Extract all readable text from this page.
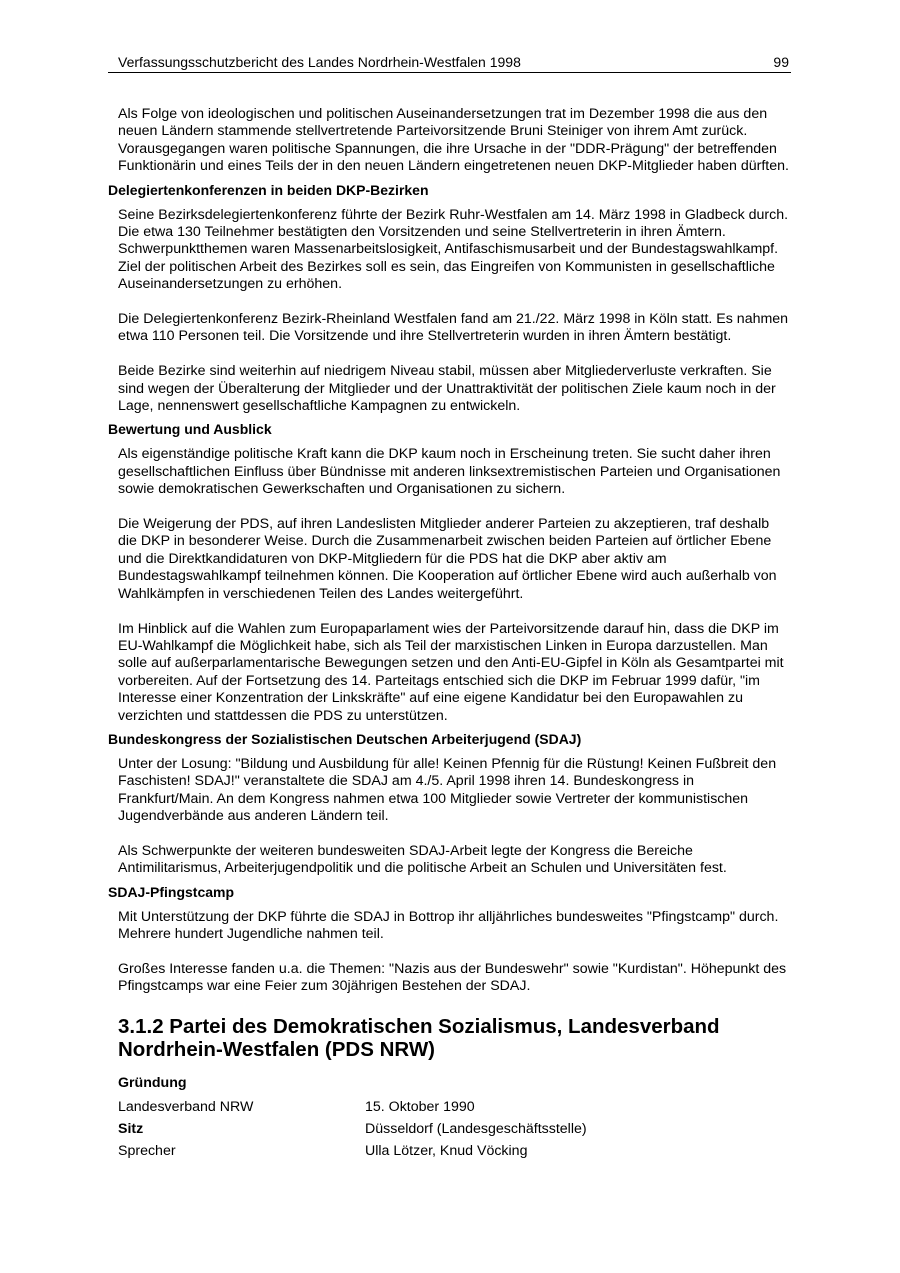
Verfassungsschutzbericht des Landes Nordrhein-Westfalen 1998	99

Als Folge von ideologischen und politischen Auseinandersetzungen trat im Dezember 1998 die aus den neuen Ländern stammende stellvertretende Parteivorsitzende Bruni Steiniger von ihrem Amt zurück. Vorausgegangen waren politische Spannungen, die ihre Ursache in der "DDR-Prägung" der betreffenden Funktionärin und eines Teils der in den neuen Ländern eingetretenen neuen DKP-Mitglieder haben dürften.

Delegiertenkonferenzen in beiden DKP-Bezirken

Seine Bezirksdelegiertenkonferenz führte der Bezirk Ruhr-Westfalen am 14. März 1998 in Gladbeck durch. Die etwa 130 Teilnehmer bestätigten den Vorsitzenden und seine Stellvertreterin in ihren Ämtern. Schwerpunktthemen waren Massenarbeitslosigkeit, Antifaschismusarbeit und der Bundestagswahlkampf. Ziel der politischen Arbeit des Bezirkes soll es sein, das Eingreifen von Kommunisten in gesellschaftliche Auseinandersetzungen zu erhöhen.

Die Delegiertenkonferenz Bezirk-Rheinland Westfalen fand am 21./22. März 1998 in Köln statt. Es nahmen etwa 110 Personen teil. Die Vorsitzende und ihre Stellvertreterin wurden in ihren Ämtern bestätigt.

Beide Bezirke sind weiterhin auf niedrigem Niveau stabil, müssen aber Mitgliederverluste verkraften. Sie sind wegen der Überalterung der Mitglieder und der Unattraktivität der politischen Ziele kaum noch in der Lage, nennenswert gesellschaftliche Kampagnen zu entwickeln.

Bewertung und Ausblick

Als eigenständige politische Kraft kann die DKP kaum noch in Erscheinung treten. Sie sucht daher ihren gesellschaftlichen Einfluss über Bündnisse mit anderen linksextremistischen Parteien und Organisationen sowie demokratischen Gewerkschaften und Organisationen zu sichern.

Die Weigerung der PDS, auf ihren Landeslisten Mitglieder anderer Parteien zu akzeptieren, traf deshalb die DKP in besonderer Weise. Durch die Zusammenarbeit zwischen beiden Parteien auf örtlicher Ebene und die Direktkandidaturen von DKP-Mitgliedern für die PDS hat die DKP aber aktiv am Bundestagswahlkampf teilnehmen können. Die Kooperation auf örtlicher Ebene wird auch außerhalb von Wahlkämpfen in verschiedenen Teilen des Landes weitergeführt.

Im Hinblick auf die Wahlen zum Europaparlament wies der Parteivorsitzende darauf hin, dass die DKP im EU-Wahlkampf die Möglichkeit habe, sich als Teil der marxistischen Linken in Europa darzustellen. Man solle auf außerparlamentarische Bewegungen setzen und den Anti-EU-Gipfel in Köln als Gesamtpartei mit vorbereiten. Auf der Fortsetzung des 14. Parteitags entschied sich die DKP im Februar 1999 dafür, "im Interesse einer Konzentration der Linkskräfte" auf eine eigene Kandidatur bei den Europawahlen zu verzichten und stattdessen die PDS zu unterstützen.

Bundeskongress der Sozialistischen Deutschen Arbeiterjugend (SDAJ)

Unter der Losung: "Bildung und Ausbildung für alle! Keinen Pfennig für die Rüstung! Keinen Fußbreit den Faschisten! SDAJ!" veranstaltete die SDAJ am 4./5. April 1998 ihren 14. Bundeskongress in Frankfurt/Main. An dem Kongress nahmen etwa 100 Mitglieder sowie Vertreter der kommunistischen Jugendverbände aus anderen Ländern teil.

Als Schwerpunkte der weiteren bundesweiten SDAJ-Arbeit legte der Kongress die Bereiche Antimilitarismus, Arbeiterjugendpolitik und die politische Arbeit an Schulen und Universitäten fest.

SDAJ-Pfingstcamp

Mit Unterstützung der DKP führte die SDAJ in Bottrop ihr alljährliches bundesweites "Pfingstcamp" durch. Mehrere hundert Jugendliche nahmen teil.

Großes Interesse fanden u.a. die Themen: "Nazis aus der Bundeswehr" sowie "Kurdistan". Höhepunkt des Pfingstcamps war eine Feier zum 30jährigen Bestehen der SDAJ.

3.1.2 Partei des Demokratischen Sozialismus, Landesverband Nordrhein-Westfalen (PDS NRW)
Gründung
Landesverband NRW	15. Oktober 1990
Sitz	Düsseldorf (Landesgeschäftsstelle)
Sprecher	Ulla Lötzer, Knud Vöcking
